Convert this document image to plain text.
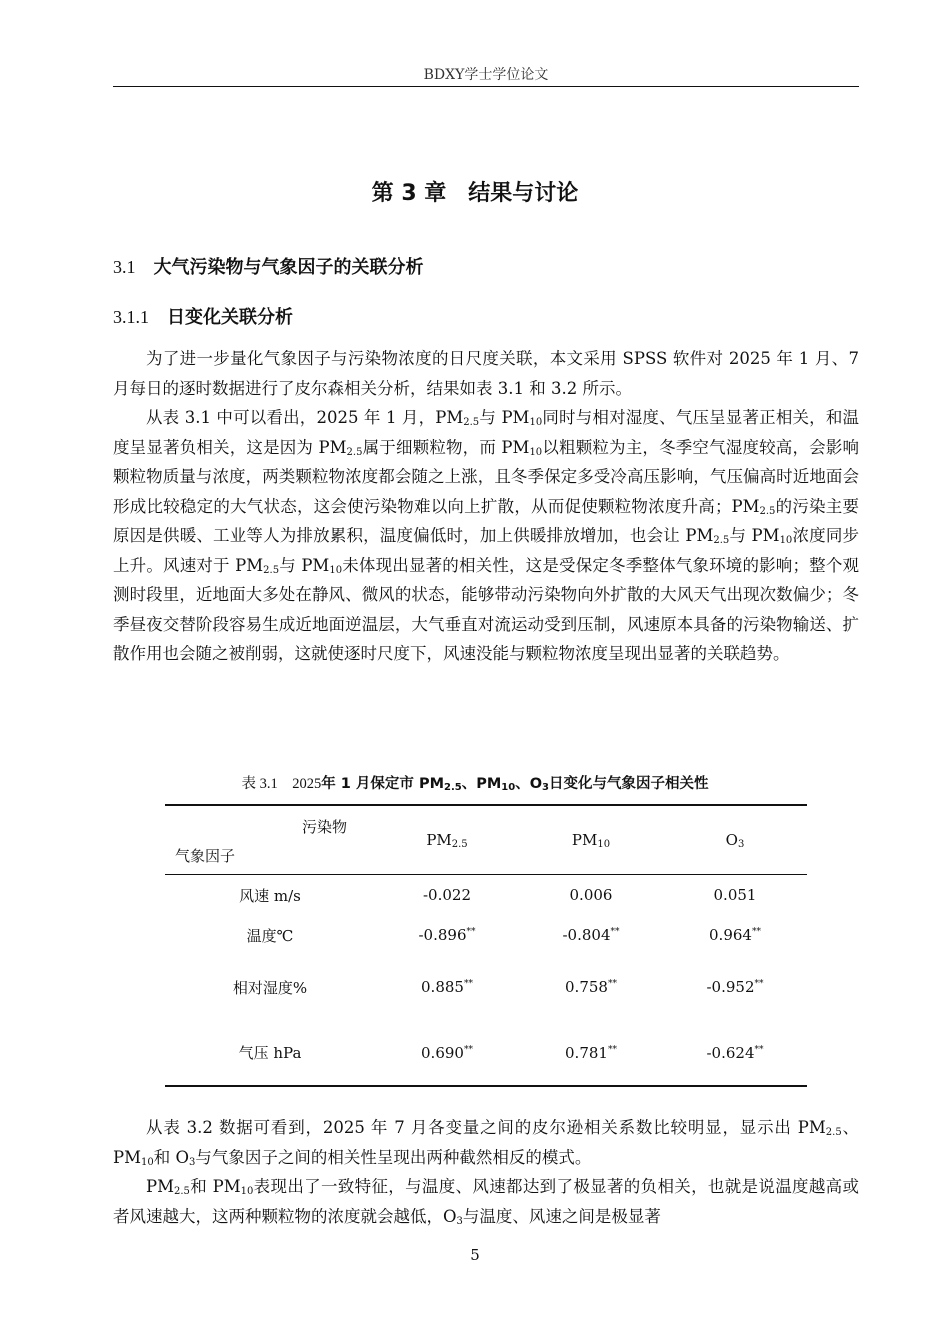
BDXY学士学位论文
第 3 章　结果与讨论
3.1 大气污染物与气象因子的关联分析
3.1.1 日变化关联分析

为了进一步量化气象因子与污染物浓度的日尺度关联，本文采用 SPSS 软件对 2025 年 1 月、7 月每日的逐时数据进行了皮尔森相关分析，结果如表 3.1 和 3.2 所示。

从表 3.1 中可以看出，2025 年 1 月，$PM_{2.5}$与 $PM_{10}$同时与相对湿度、气压呈显著正相关，和温度呈显著负相关，这是因为 $PM_{2.5}$属于细颗粒物，而 $PM_{10}$以粗颗粒为主，冬季空气湿度较高，会影响颗粒物质量与浓度，两类颗粒物浓度都会随之上涨，且冬季保定多受冷高压影响，气压偏高时近地面会形成比较稳定的大气状态，这会使污染物难以向上扩散，从而促使颗粒物浓度升高；$PM_{2.5}$的污染主要原因是供暖、工业等人为排放累积，温度偏低时，加上供暖排放增加，也会让 $PM_{2.5}$与 $PM_{10}$浓度同步上升。风速对于 $PM_{2.5}$与 $PM_{10}$未体现出显著的相关性，这是受保定冬季整体气象环境的影响；整个观测时段里，近地面大多处在静风、微风的状态，能够带动污染物向外扩散的大风天气出现次数偏少；冬季昼夜交替阶段容易生成近地面逆温层，大气垂直对流运动受到压制，风速原本具备的污染物输送、扩散作用也会随之被削弱，这就使逐时尺度下，风速没能与颗粒物浓度呈现出显著的关联趋势。

表 3.1　 2025年 1 月保定市 $PM_{2.5}$、$PM_{10}$、$O_3$日变化与气象因子相关性
污染物
气象因子	$PM_{2.5}$	$PM_{10}$	$O_3$
风速 m/s	-0.022	0.006	0.051
温度℃	-0.896**	-0.804**	0.964**
相对湿度%	0.885**	0.758**	-0.952**
气压 hPa	0.690**	0.781**	-0.624**

从表 3.2 数据可看到，2025 年 7 月各变量之间的皮尔逊相关系数比较明显，显示出 $PM_{2.5}$、$PM_{10}$和 $O_3$与气象因子之间的相关性呈现出两种截然相反的模式。

$PM_{2.5}$和 $PM_{10}$表现出了一致特征，与温度、风速都达到了极显著的负相关，也就是说温度越高或者风速越大，这两种颗粒物的浓度就会越低，$O_3$与温度、风速之间是极显著

5
